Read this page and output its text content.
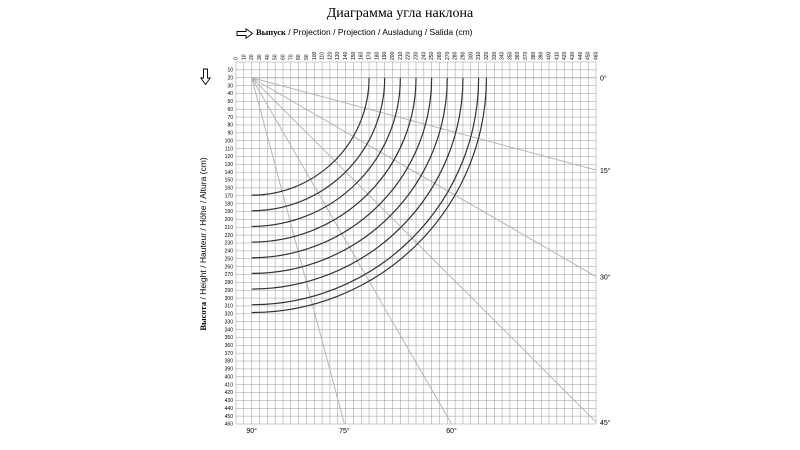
Диаграмма угла наклона
Выпуск / Projection / Projection / Ausladung / Salida (cm)
Высота / Height / Hauteur / Höhe / Altura (cm)
0 10 20 30 40 50 60 70 80 90 100 110 120 130 140 150 160 170 180 190 200 210 220 230 240 250 260 270 280 290 300 310 320 330 340 350 360 370 380 390 400 410 420 430 440 450 460
10
20
30
40
50
60
70
80
90
100
110
120
130
140
150
160
170
180
190
200
210
220
230
240
250
260
270
280
290
300
310
320
330
340
350
360
370
380
390
400
410
420
430
440
450
460
0°
15°
30°
45°
60°
75°
90°
